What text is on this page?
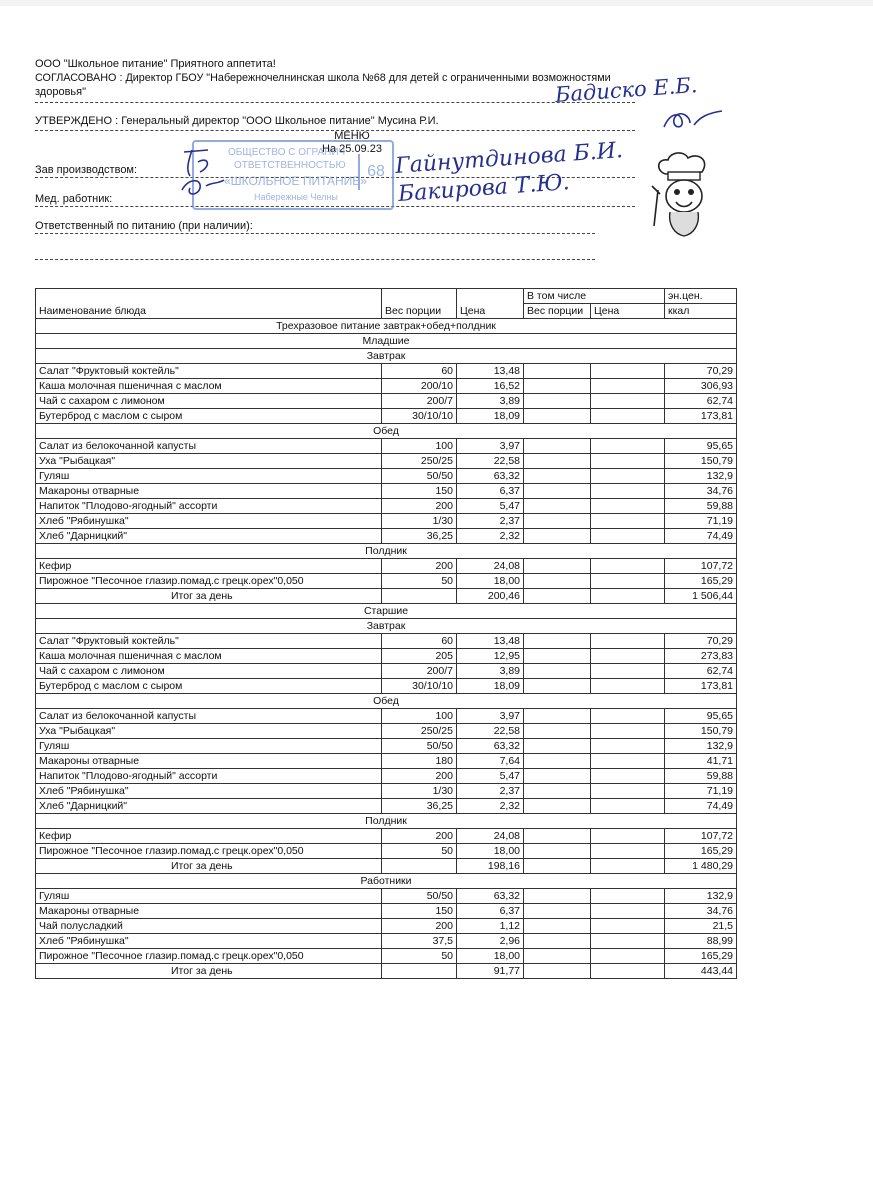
ООО "Школьное питание" Приятного аппетита!
СОГЛАСОВАНО : Директор ГБОУ "Набережночелнинская школа №68 для детей с ограниченными возможностями
здоровья"	Бадиско Е.Б.
УТВЕРЖДЕНО : Генеральный директор "ООО Школьное питание" Мусина Р.И.
МЕНЮ
На 25.09.23
Зав производством:
Мед. работник:
ОБЩЕСТВО С ОГРАНИЧ
ОТВЕТСТВЕННОСТЬЮ
«ШКОЛЬНОЕ ПИТАНИЕ»
Набережные Челны
68 Гайнутдинова Б.И.
Бакирова Т.Ю.
Ответственный по питанию (при наличии):
Наименование блюда	Вес порции	Цена	В том числе		эн.цен.
			Вес порции	Цена	ккал
Трехразовое питание завтрак+обед+полдник					
Младшие					
Завтрак					
Салат "Фруктовый коктейль"	60	13,48			70,29
Каша молочная пшеничная с маслом	200/10	16,52			306,93
Чай с сахаром с лимоном	200/7	3,89			62,74
Бутерброд с маслом с сыром	30/10/10	18,09			173,81
Обед					
Салат из белокочанной капусты	100	3,97			95,65
Уха "Рыбацкая"	250/25	22,58			150,79
Гуляш	50/50	63,32			132,9
Макароны отварные	150	6,37			34,76
Напиток "Плодово-ягодный" ассорти	200	5,47			59,88
Хлеб "Рябинушка"	1/30	2,37			71,19
Хлеб "Дарницкий"	36,25	2,32			74,49
Полдник					
Кефир	200	24,08			107,72
Пирожное "Песочное глазир.помад.с грецк.орех"0,050	50	18,00			165,29
Итог за день		200,46			1 506,44
Старшие					
Завтрак					
Салат "Фруктовый коктейль"	60	13,48			70,29
Каша молочная пшеничная с маслом	205	12,95			273,83
Чай с сахаром с лимоном	200/7	3,89			62,74
Бутерброд с маслом с сыром	30/10/10	18,09			173,81
Обед					
Салат из белокочанной капусты	100	3,97			95,65
Уха "Рыбацкая"	250/25	22,58			150,79
Гуляш	50/50	63,32			132,9
Макароны отварные	180	7,64			41,71
Напиток "Плодово-ягодный" ассорти	200	5,47			59,88
Хлеб "Рябинушка"	1/30	2,37			71,19
Хлеб "Дарницкий"	36,25	2,32			74,49
Полдник					
Кефир	200	24,08			107,72
Пирожное "Песочное глазир.помад.с грецк.орех"0,050	50	18,00			165,29
Итог за день		198,16			1 480,29
Работники					
Гуляш	50/50	63,32			132,9
Макароны отварные	150	6,37			34,76
Чай полусладкий	200	1,12			21,5
Хлеб "Рябинушка"	37,5	2,96			88,99
Пирожное "Песочное глазир.помад.с грецк.орех"0,050	50	18,00			165,29
Итог за день		91,77			443,44
